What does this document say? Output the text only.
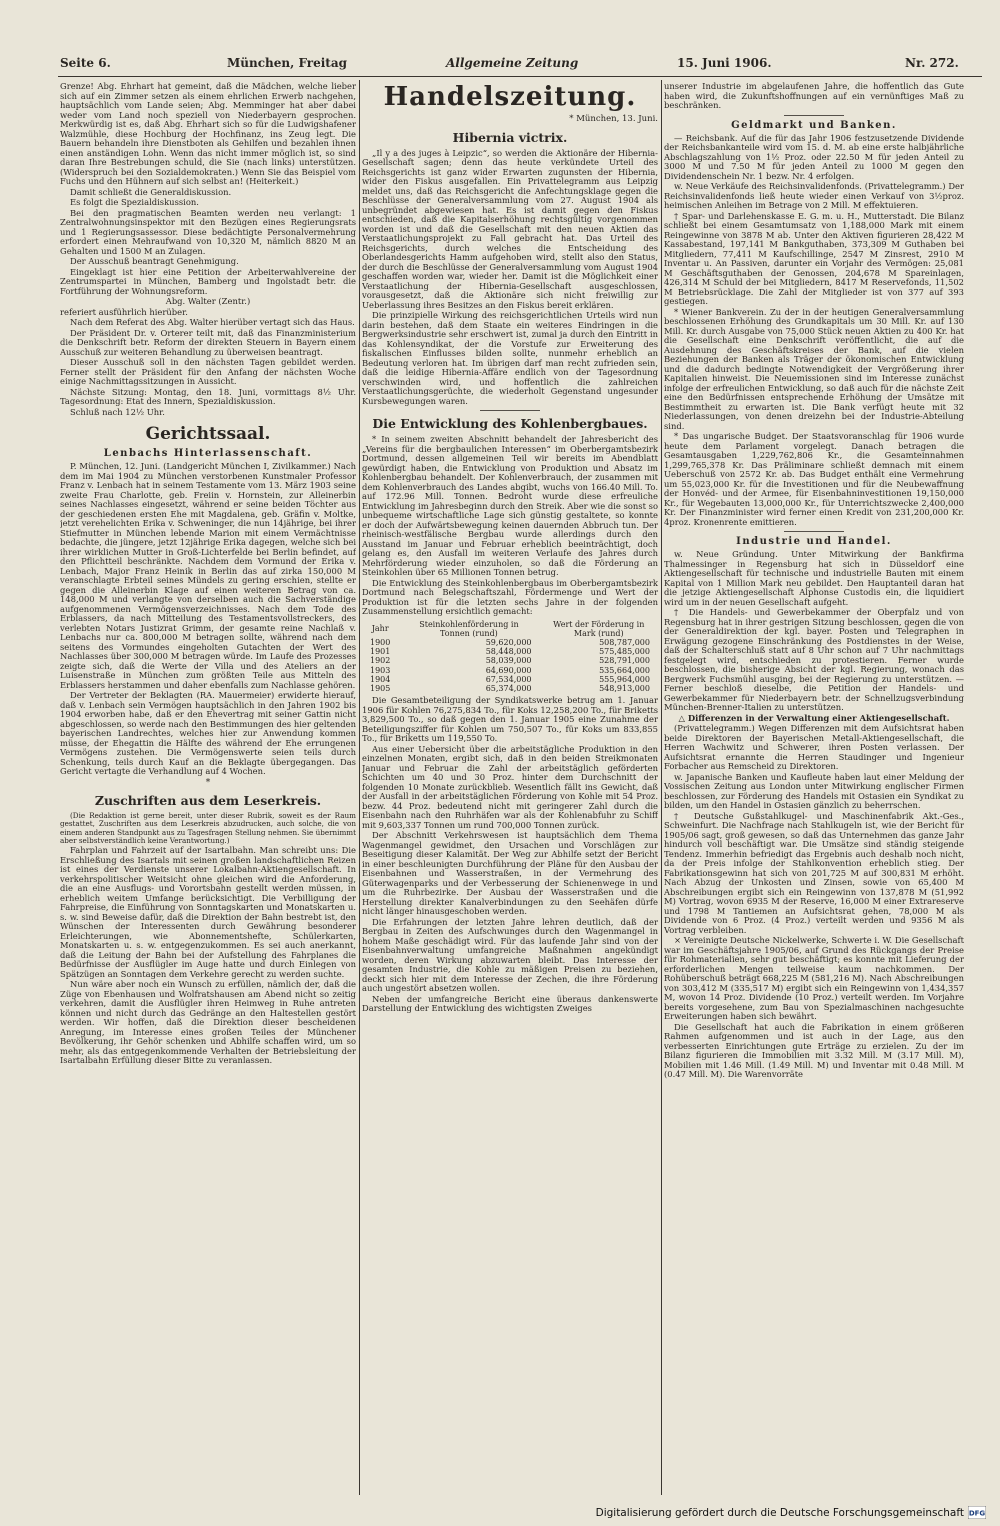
Seite 6.	München, Freitag	Allgemeine Zeitung	15. Juni 1906.	Nr. 272.

Grenze! Abg. Ehrhart hat gemeint, daß die Mädchen, welche lieber sich auf ein Zimmer setzen als einem ehrlichen Erwerb nachgehen, hauptsächlich vom Lande seien; Abg. Memminger hat aber dabei weder vom Land noch speziell von Niederbayern gesprochen. Merkwürdig ist es, daß Abg. Ehrhart sich so für die Ludwigshafener Walzmühle, diese Hochburg der Hochfinanz, ins Zeug legt. Die Bauern behandeln ihre Dienstboten als Gehilfen und bezahlen ihnen einen anständigen Lohn. Wenn das nicht immer möglich ist, so sind daran Ihre Bestrebungen schuld, die Sie (nach links) unterstützen. (Widerspruch bei den Sozialdemokraten.) Wenn Sie das Beispiel vom Fuchs und den Hühnern auf sich selbst an! (Heiterkeit.)

Damit schließt die Generaldiskussion.

Es folgt die Spezialdiskussion.

Bei den pragmatischen Beamten werden neu verlangt: 1 Zentralwohnungsinspektor mit den Bezügen eines Regierungsrats und 1 Regierungsassessor. Diese bedächtigte Personalvermehrung erfordert einen Mehraufwand von 10,320 M, nämlich 8820 M an Gehalten und 1500 M an Zulagen.

Der Ausschuß beantragt Genehmigung.

Eingeklagt ist hier eine Petition der Arbeiterwahlvereine der Zentrumspartei in München, Bamberg und Ingolstadt betr. die Fortführung der Wohnungsreform.

Abg. Walter (Zentr.)

referiert ausführlich hierüber.

Nach dem Referat des Abg. Walter hierüber vertagt sich das Haus.

Der Präsident Dr. v. Orterer teilt mit, daß das Finanzministerium die Denkschrift betr. Reform der direkten Steuern in Bayern einem Ausschuß zur weiteren Behandlung zu überweisen beantragt.

Dieser Ausschuß soll in den nächsten Tagen gebildet werden. Ferner stellt der Präsident für den Anfang der nächsten Woche einige Nachmittagssitzungen in Aussicht.

Nächste Sitzung: Montag, den 18. Juni, vormittags 8½ Uhr. Tagesordnung: Etat des Innern, Spezialdiskussion.

Schluß nach 12½ Uhr.

Gerichtssaal.
Lenbachs Hinterlassenschaft.

P. München, 12. Juni. (Landgericht München I, Zivilkammer.) Nach dem im Mai 1904 zu München verstorbenen Kunstmaler Professor Franz v. Lenbach hat in seinem Testamente vom 13. März 1903 seine zweite Frau Charlotte, geb. Freiin v. Hornstein, zur Alleinerbin seines Nachlasses eingesetzt, während er seine beiden Töchter aus der geschiedenen ersten Ehe mit Magdalena, geb. Gräfin v. Moltke, jetzt verehelichten Erika v. Schweninger, die nun 14jährige, bei ihrer Stiefmutter in München lebende Marion mit einem Vermächtnisse bedachte, die jüngere, jetzt 12jährige Erika dagegen, welche sich bei ihrer wirklichen Mutter in Groß-Lichterfelde bei Berlin befindet, auf den Pflichtteil beschränkte. Nachdem dem Vormund der Erika v. Lenbach, Major Franz Heinik in Berlin das auf zirka 150,000 M veranschlagte Erbteil seines Mündels zu gering erschien, stellte er gegen die Alleinerbin Klage auf einen weiteren Betrag von ca. 148,000 M und verlangte von derselben auch die Sachverständige aufgenommenen Vermögensverzeichnisses. Nach dem Tode des Erblassers, da nach Mitteilung des Testamentsvollstreckers, des verlebten Notars Justizrat Grimm, der gesamte reine Nachlaß v. Lenbachs nur ca. 800,000 M betragen sollte, während nach dem seitens des Vormundes eingeholten Gutachten der Wert des Nachlasses über 300,000 M betragen würde. Im Laufe des Prozesses zeigte sich, daß die Werte der Villa und des Ateliers an der Luisenstraße in München zum größten Teile aus Mitteln des Erblassers herstammen und daher ebenfalls zum Nachlasse gehören.

Der Vertreter der Beklagten (RA. Mauermeier) erwiderte hierauf, daß v. Lenbach sein Vermögen hauptsächlich in den Jahren 1902 bis 1904 erworben habe, daß er den Ehevertrag mit seiner Gattin nicht abgeschlossen, so werde nach den Bestimmungen des hier geltenden bayerischen Landrechtes, welches hier zur Anwendung kommen müsse, der Ehegattin die Hälfte des während der Ehe errungenen Vermögens zustehen. Die Vermögenswerte seien teils durch Schenkung, teils durch Kauf an die Beklagte übergegangen. Das Gericht vertagte die Verhandlung auf 4 Wochen.

*
Zuschriften aus dem Leserkreis.

(Die Redaktion ist gerne bereit, unter dieser Rubrik, soweit es der Raum gestattet, Zuschriften aus dem Leserkreis abzudrucken, auch solche, die von einem anderen Standpunkt aus zu Tagesfragen Stellung nehmen. Sie übernimmt aber selbstverständlich keine Verantwortung.)

Fahrplan und Fahrzeit auf der Isartalbahn. Man schreibt uns: Die Erschließung des Isartals mit seinen großen landschaftlichen Reizen ist eines der Verdienste unserer Lokalbahn-Aktiengesellschaft. In verkehrspolitischer Weitsicht ohne gleichen wird die Anforderung, die an eine Ausflugs- und Vorortsbahn gestellt werden müssen, in erheblich weitem Umfange berücksichtigt. Die Verbilligung der Fahrpreise, die Einführung von Sonntagskarten und Monatskarten u. s. w. sind Beweise dafür, daß die Direktion der Bahn bestrebt ist, den Wünschen der Interessenten durch Gewährung besonderer Erleichterungen, wie Abonnementshefte, Schülerkarten, Monatskarten u. s. w. entgegenzukommen. Es sei auch anerkannt, daß die Leitung der Bahn bei der Aufstellung des Fahrplanes die Bedürfnisse der Ausflügler im Auge hatte und durch Einlegen von Spätzügen an Sonntagen dem Verkehre gerecht zu werden suchte.

Nun wäre aber noch ein Wunsch zu erfüllen, nämlich der, daß die Züge von Ebenhausen und Wolfratshausen am Abend nicht so zeitig verkehren, damit die Ausflügler ihren Heimweg in Ruhe antreten können und nicht durch das Gedränge an den Haltestellen gestört werden. Wir hoffen, daß die Direktion dieser bescheidenen Anregung, im Interesse eines großen Teiles der Münchener Bevölkerung, ihr Gehör schenken und Abhilfe schaffen wird, um so mehr, als das entgegenkommende Verhalten der Betriebsleitung der Isartalbahn Erfüllung dieser Bitte zu veranlassen.

Handelszeitung.
* München, 13. Juni.
Hibernia victrix.

„Il y a des juges à Leipzic“, so werden die Aktionäre der Hibernia-Gesellschaft sagen; denn das heute verkündete Urteil des Reichsgerichts ist ganz wider Erwarten zugunsten der Hibernia, wider den Fiskus ausgefallen. Ein Privattelegramm aus Leipzig meldet uns, daß das Reichsgericht die Anfechtungsklage gegen die Beschlüsse der Generalversammlung vom 27. August 1904 als unbegründet abgewiesen hat. Es ist damit gegen den Fiskus entschieden, daß die Kapitalserhöhung rechtsgültig vorgenommen worden ist und daß die Gesellschaft mit den neuen Aktien das Verstaatlichungsprojekt zu Fall gebracht hat. Das Urteil des Reichsgerichts, durch welches die Entscheidung des Oberlandesgerichts Hamm aufgehoben wird, stellt also den Status, der durch die Beschlüsse der Generalversammlung vom August 1904 geschaffen worden war, wieder her. Damit ist die Möglichkeit einer Verstaatlichung der Hibernia-Gesellschaft ausgeschlossen, vorausgesetzt, daß die Aktionäre sich nicht freiwillig zur Ueberlassung ihres Besitzes an den Fiskus bereit erklären.

Die prinzipielle Wirkung des reichsgerichtlichen Urteils wird nun darin bestehen, daß dem Staate ein weiteres Eindringen in die Bergwerksindustrie sehr erschwert ist, zumal ja durch den Eintritt in das Kohlensyndikat, der die Vorstufe zur Erweiterung des fiskalischen Einflusses bilden sollte, nunmehr erheblich an Bedeutung verloren hat. Im übrigen darf man recht zufrieden sein, daß die leidige Hibernia-Affäre endlich von der Tagesordnung verschwinden wird, und hoffentlich die zahlreichen Verstaatlichungsgerüchte, die wiederholt Gegenstand ungesunder Kursbewegungen waren.

Die Entwicklung des Kohlenbergbaues.

* In seinem zweiten Abschnitt behandelt der Jahresbericht des „Vereins für die bergbaulichen Interessen“ im Oberbergamtsbezirk Dortmund, dessen allgemeinen Teil wir bereits im Abendblatt gewürdigt haben, die Entwicklung von Produktion und Absatz im Kohlenbergbau behandelt. Der Kohlenverbrauch, der zusammen mit dem Kohlenverbrauch des Landes abgibt, wuchs von 166.40 Mill. To. auf 172.96 Mill. Tonnen. Bedroht wurde diese erfreuliche Entwicklung im Jahresbeginn durch den Streik. Aber wie die sonst so unbequeme wirtschaftliche Lage sich günstig gestaltete, so konnte er doch der Aufwärtsbewegung keinen dauernden Abbruch tun. Der rheinisch-westfälische Bergbau wurde allerdings durch den Ausstand im Januar und Februar erheblich beeinträchtigt, doch gelang es, den Ausfall im weiteren Verlaufe des Jahres durch Mehrförderung wieder einzuholen, so daß die Förderung an Steinkohlen über 65 Millionen Tonnen betrug.

Die Entwicklung des Steinkohlenbergbaus im Oberbergamtsbezirk Dortmund nach Belegschaftszahl, Fördermenge und Wert der Produktion ist für die letzten sechs Jahre in der folgenden Zusammenstellung ersichtlich gemacht:

Jahr	Steinkohlenförderung in Tonnen (rund)	Wert der Förderung in Mark (rund)
1900	59,620,000	508,787,000
1901	58,448,000	575,485,000
1902	58,039,000	528,791,000
1903	64,690,000	535,664,000
1904	67,534,000	555,964,000
1905	65,374,000	548,913,000

Die Gesamtbeteiligung der Syndikatswerke betrug am 1. Januar 1906 für Kohlen 76,275,834 To., für Koks 12,258,200 To., für Briketts 3,829,500 To., so daß gegen den 1. Januar 1905 eine Zunahme der Beteiligungsziffer für Kohlen um 750,507 To., für Koks um 833,855 To., für Briketts um 119,550 To.

Aus einer Uebersicht über die arbeitstägliche Produktion in den einzelnen Monaten, ergibt sich, daß in den beiden Streikmonaten Januar und Februar die Zahl der arbeitstäglich geförderten Schichten um 40 und 30 Proz. hinter dem Durchschnitt der folgenden 10 Monate zurückblieb. Wesentlich fällt ins Gewicht, daß der Ausfall in der arbeitstäglichen Förderung von Kohle mit 54 Proz. bezw. 44 Proz. bedeutend nicht mit geringerer Zahl durch die Eisenbahn nach den Ruhrhäfen war als der Kohlenabfuhr zu Schiff mit 9,603,337 Tonnen um rund 700,000 Tonnen zurück.

Der Abschnitt Verkehrswesen ist hauptsächlich dem Thema Wagenmangel gewidmet, den Ursachen und Vorschlägen zur Beseitigung dieser Kalamität. Der Weg zur Abhilfe setzt der Bericht in einer beschleunigten Durchführung der Pläne für den Ausbau der Eisenbahnen und Wasserstraßen, in der Vermehrung des Güterwagenparks und der Verbesserung der Schienenwege in und um die Ruhrbezirke. Der Ausbau der Wasserstraßen und die Herstellung direkter Kanalverbindungen zu den Seehäfen dürfe nicht länger hinausgeschoben werden.

Die Erfahrungen der letzten Jahre lehren deutlich, daß der Bergbau in Zeiten des Aufschwunges durch den Wagenmangel in hohem Maße geschädigt wird. Für das laufende Jahr sind von der Eisenbahnverwaltung umfangreiche Maßnahmen angekündigt worden, deren Wirkung abzuwarten bleibt. Das Interesse der gesamten Industrie, die Kohle zu mäßigen Preisen zu beziehen, deckt sich hier mit dem Interesse der Zechen, die ihre Förderung auch ungestört absetzen wollen.

Neben der umfangreiche Bericht eine überaus dankenswerte Darstellung der Entwicklung des wichtigsten Zweiges

unserer Industrie im abgelaufenen Jahre, die hoffentlich das Gute haben wird, die Zukunftshoffnungen auf ein vernünftiges Maß zu beschränken.

Geldmarkt und Banken.

— Reichsbank. Auf die für das Jahr 1906 festzusetzende Dividende der Reichsbankanteile wird vom 15. d. M. ab eine erste halbjährliche Abschlagszahlung von 1½ Proz. oder 22.50 M für jeden Anteil zu 3000 M und 7.50 M für jeden Anteil zu 1000 M gegen den Dividendenschein Nr. 1 bezw. Nr. 4 erfolgen.

w. Neue Verkäufe des Reichsinvalidenfonds. (Privattelegramm.) Der Reichsinvalidenfonds ließ heute wieder einen Verkauf von 3½proz. heimischen Anleihen im Betrage von 2 Mill. M effektuieren.

† Spar- und Darlehenskasse E. G. m. u. H., Mutterstadt. Die Bilanz schließt bei einem Gesamtumsatz von 1,188,000 Mark mit einem Reingewinne von 3878 M ab. Unter den Aktiven figurieren 28,422 M Kassabestand, 197,141 M Bankguthaben, 373,309 M Guthaben bei Mitgliedern, 77,411 M Kaufschillinge, 2547 M Zinsrest, 2910 M Inventar u. An Passiven, darunter ein Vorjahr des Vermögen: 25,081 M Geschäftsguthaben der Genossen, 204,678 M Spareinlagen, 426,314 M Schuld der bei Mitgliedern, 8417 M Reservefonds, 11,502 M Betriebsrücklage. Die Zahl der Mitglieder ist von 377 auf 393 gestiegen.

* Wiener Bankverein. Zu der in der heutigen Generalversammlung beschlossenen Erhöhung des Grundkapitals um 30 Mill. Kr. auf 130 Mill. Kr. durch Ausgabe von 75,000 Stück neuen Aktien zu 400 Kr. hat die Gesellschaft eine Denkschrift veröffentlicht, die auf die Ausdehnung des Geschäftskreises der Bank, auf die vielen Beziehungen der Banken als Träger der ökonomischen Entwicklung und die dadurch bedingte Notwendigkeit der Vergrößerung ihrer Kapitalien hinweist. Die Neuemissionen sind im Interesse zunächst infolge der erfreulichen Entwicklung, so daß auch für die nächste Zeit eine den Bedürfnissen entsprechende Erhöhung der Umsätze mit Bestimmtheit zu erwarten ist. Die Bank verfügt heute mit 32 Niederlassungen, von denen dreizehn bei der Industrie-Abteilung sind.

* Das ungarische Budget. Der Staatsvoranschlag für 1906 wurde heute dem Parlament vorgelegt. Danach betragen die Gesamtausgaben 1,229,762,806 Kr., die Gesamteinnahmen 1,299,765,378 Kr. Das Präliminare schließt demnach mit einem Ueberschuß von 2572 Kr. ab. Das Budget enthält eine Vermehrung um 55,023,000 Kr. für die Investitionen und für die Neubewaffnung der Honvéd- und der Armee, für Eisenbahninvestitionen 19,150,000 Kr., für Wegebauten 13,000,000 Kr., für Unterrichtszwecke 2,400,000 Kr. Der Finanzminister wird ferner einen Kredit von 231,200,000 Kr. 4proz. Kronenrente emittieren.

Industrie und Handel.

w. Neue Gründung. Unter Mitwirkung der Bankfirma Thalmessinger in Regensburg hat sich in Düsseldorf eine Aktiengesellschaft für technische und industrielle Bauten mit einem Kapital von 1 Million Mark neu gebildet. Den Hauptanteil daran hat die jetzige Aktiengesellschaft Alphonse Custodis ein, die liquidiert wird um in der neuen Gesellschaft aufgeht.

† Die Handels- und Gewerbekammer der Oberpfalz und von Regensburg hat in ihrer gestrigen Sitzung beschlossen, gegen die von der Generaldirektion der kgl. bayer. Posten und Telegraphen in Erwägung gezogene Einschränkung des Postdienstes in der Weise, daß der Schalterschluß statt auf 8 Uhr schon auf 7 Uhr nachmittags festgelegt wird, entschieden zu protestieren. Ferner wurde beschlossen, die bisherige Absicht der kgl. Regierung, wonach das Bergwerk Fuchsmühl ausging, bei der Regierung zu unterstützen. — Ferner beschloß dieselbe, die Petition der Handels- und Gewerbekammer für Niederbayern betr. der Schnellzugsverbindung München-Brenner-Italien zu unterstützen.

△ Differenzen in der Verwaltung einer Aktiengesellschaft.

(Privattelegramm.) Wegen Differenzen mit dem Aufsichtsrat haben beide Direktoren der Bayerischen Metall-Aktiengesellschaft, die Herren Wachwitz und Schwerer, ihren Posten verlassen. Der Aufsichtsrat ernannte die Herren Staudinger und Ingenieur Forbacher aus Remscheid zu Direktoren.

w. Japanische Banken und Kaufleute haben laut einer Meldung der Vossischen Zeitung aus London unter Mitwirkung englischer Firmen beschlossen, zur Förderung des Handels mit Ostasien ein Syndikat zu bilden, um den Handel in Ostasien gänzlich zu beherrschen.

† Deutsche Gußstahlkugel- und Maschinenfabrik Akt.-Ges., Schweinfurt. Die Nachfrage nach Stahlkugeln ist, wie der Bericht für 1905/06 sagt, groß gewesen, so daß das Unternehmen das ganze Jahr hindurch voll beschäftigt war. Die Umsätze sind ständig steigende Tendenz. Immerhin befriedigt das Ergebnis auch deshalb noch nicht, da der Preis infolge der Stahlkonvention erheblich stieg. Der Fabrikationsgewinn hat sich von 201,725 M auf 300,831 M erhöht. Nach Abzug der Unkosten und Zinsen, sowie von 65,400 M Abschreibungen ergibt sich ein Reingewinn von 137,878 M (51,992 M) Vortrag, wovon 6935 M der Reserve, 16,000 M einer Extrareserve und 1798 M Tantiemen an Aufsichtsrat gehen, 78,000 M als Dividende von 6 Proz. (4 Proz.) verteilt werden und 9356 M als Vortrag verbleiben.

× Vereinigte Deutsche Nickelwerke, Schwerte i. W. Die Gesellschaft war im Geschäftsjahre 1905/06, auf Grund des Rückgangs der Preise für Rohmaterialien, sehr gut beschäftigt; es konnte mit Lieferung der erforderlichen Mengen teilweise kaum nachkommen. Der Rohüberschuß beträgt 668,225 M (581,216 M). Nach Abschreibungen von 303,412 M (335,517 M) ergibt sich ein Reingewinn von 1,434,357 M, wovon 14 Proz. Dividende (10 Proz.) verteilt werden. Im Vorjahre bereits vorgesehene, zum Bau von Spezialmaschinen nachgesuchte Erweiterungen haben sich bewährt.

Die Gesellschaft hat auch die Fabrikation in einem größeren Rahmen aufgenommen und ist auch in der Lage, aus den verbesserten Einrichtungen gute Erträge zu erzielen. Zu der im Bilanz figurieren die Immobilien mit 3.32 Mill. M (3.17 Mill. M), Mobilien mit 1.46 Mill. (1.49 Mill. M) und Inventar mit 0.48 Mill. M (0.47 Mill. M). Die Warenvorräte

Digitalisierung gefördert durch die Deutsche Forschungsgemeinschaft DFG
